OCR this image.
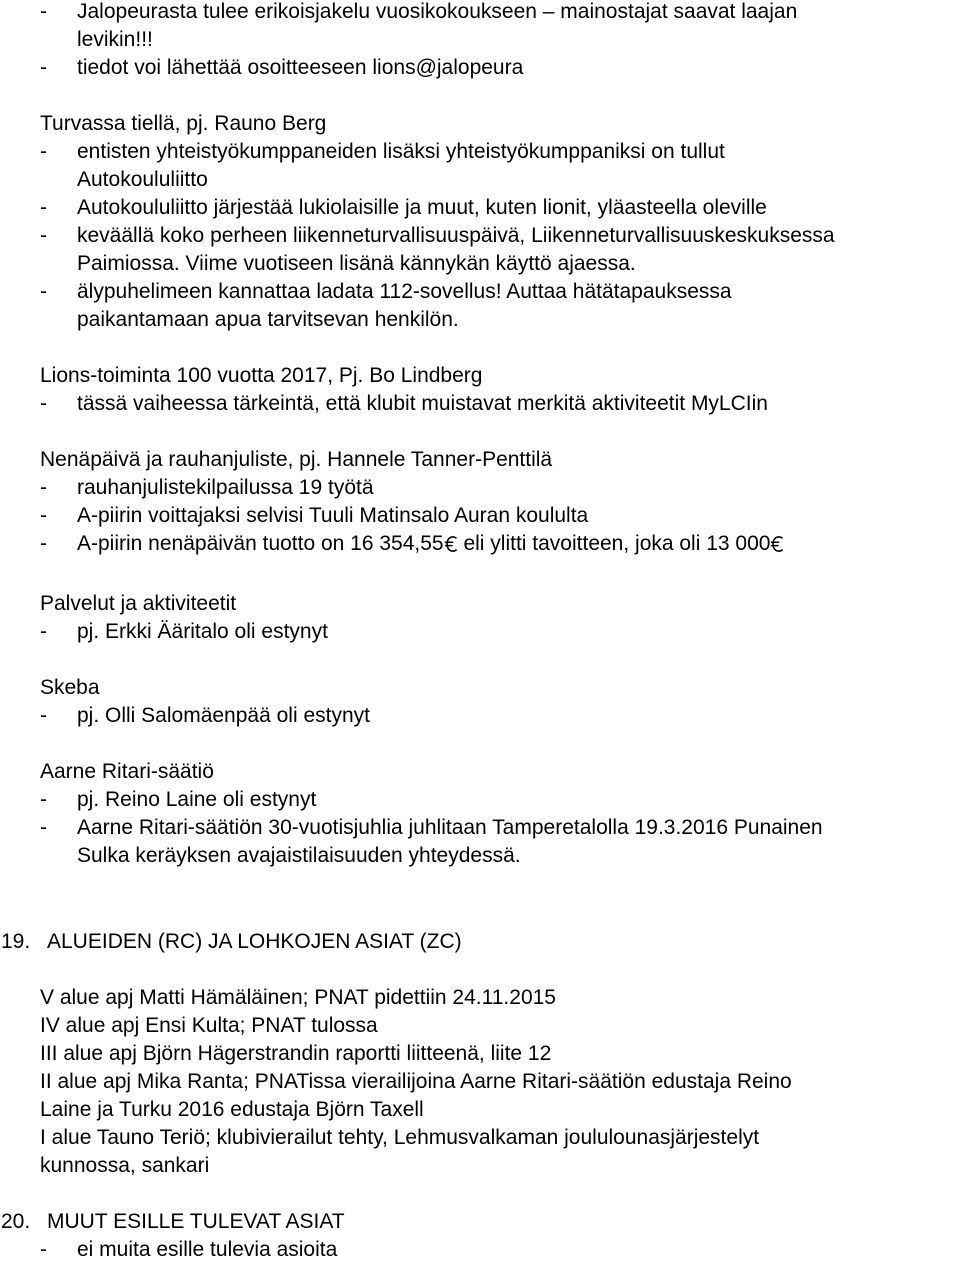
- Jalopeurasta tulee erikoisjakelu vuosikokoukseen – mainostajat saavat laajan
levikin!!!
- tiedot voi lähettää osoitteeseen lions@jalopeura
Turvassa tiellä, pj. Rauno Berg
- entisten yhteistyökumppaneiden lisäksi yhteistyökumppaniksi on tullut
Autokoululiitto
- Autokoululiitto järjestää lukiolaisille ja muut, kuten lionit, yläasteella oleville
- keväällä koko perheen liikenneturvallisuuspäivä, Liikenneturvallisuuskeskuksessa
Paimiossa. Viime vuotiseen lisänä kännykän käyttö ajaessa.
- älypuhelimeen kannattaa ladata 112-sovellus! Auttaa hätätapauksessa
paikantamaan apua tarvitsevan henkilön.
Lions-toiminta 100 vuotta 2017, Pj. Bo Lindberg
- tässä vaiheessa tärkeintä, että klubit muistavat merkitä aktiviteetit MyLCIin
Nenäpäivä ja rauhanjuliste, pj. Hannele Tanner-Penttilä
- rauhanjulistekilpailussa 19 työtä
- A-piirin voittajaksi selvisi Tuuli Matinsalo Auran koululta
- A-piirin nenäpäivän tuotto on 16 354,55 eli ylitti tavoitteen, joka oli 13 000
Palvelut ja aktiviteetit
- pj. Erkki Ääritalo oli estynyt
Skeba
- pj. Olli Salomäenpää oli estynyt
Aarne Ritari-säätiö
- pj. Reino Laine oli estynyt
- Aarne Ritari-säätiön 30-vuotisjuhlia juhlitaan Tamperetalolla 19.3.2016 Punainen
Sulka keräyksen avajaistilaisuuden yhteydessä.
19. ALUEIDEN (RC) JA LOHKOJEN ASIAT (ZC)
V alue apj Matti Hämäläinen; PNAT pidettiin 24.11.2015
IV alue apj Ensi Kulta; PNAT tulossa
III alue apj Björn Hägerstrandin raportti liitteenä, liite 12
II alue apj Mika Ranta; PNATissa vierailijoina Aarne Ritari-säätiön edustaja Reino
Laine ja Turku 2016 edustaja Björn Taxell
I alue Tauno Teriö; klubivierailut tehty, Lehmusvalkaman joululounasjärjestelyt
kunnossa, sankari
20. MUUT ESILLE TULEVAT ASIAT
- ei muita esille tulevia asioita
